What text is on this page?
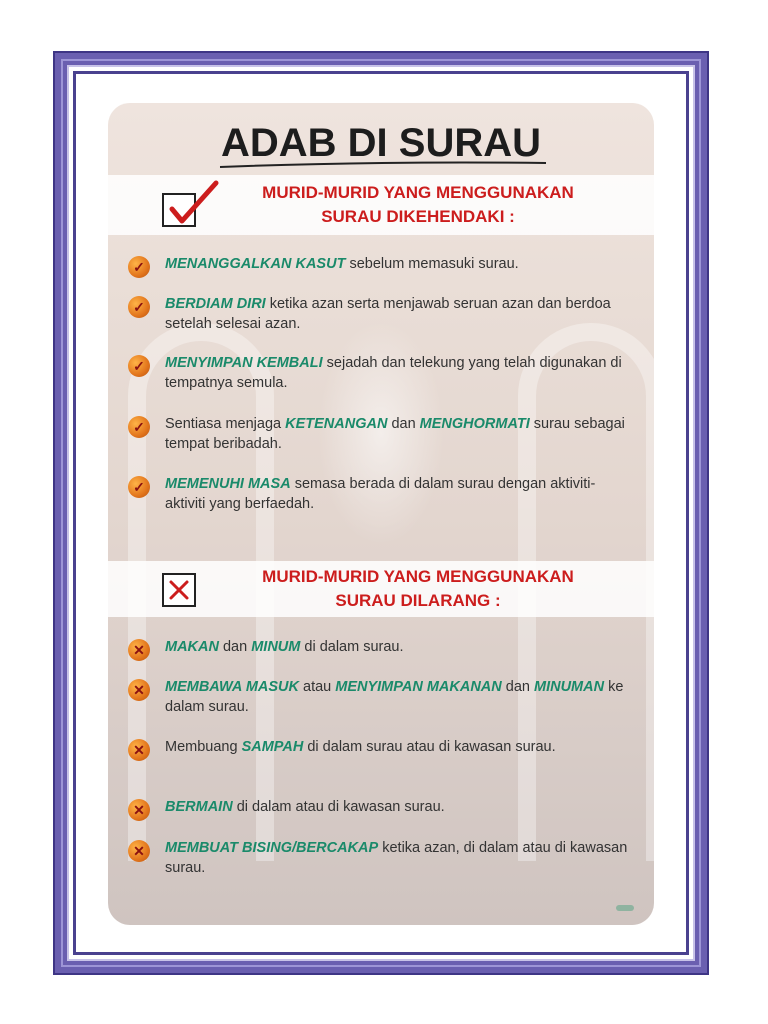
ADAB DI SURAU
MURID-MURID YANG MENGGUNAKAN
SURAU DIKEHENDAKI :
✓	MENANGGALKAN KASUT sebelum memasuki surau.
✓	BERDIAM DIRI ketika azan serta menjawab seruan azan dan berdoa setelah selesai azan.
✓	MENYIMPAN KEMBALI sejadah dan telekung yang telah digunakan di tempatnya semula.
✓	Sentiasa menjaga KETENANGAN dan MENGHORMATI surau sebagai tempat beribadah.
✓	MEMENUHI MASA semasa berada di dalam surau dengan aktiviti-aktiviti yang berfaedah.
MURID-MURID YANG MENGGUNAKAN
SURAU DILARANG :
✕	MAKAN dan MINUM di dalam surau.
✕	MEMBAWA MASUK atau MENYIMPAN MAKANAN dan MINUMAN ke dalam surau.
✕	Membuang SAMPAH di dalam surau atau di kawasan surau.
✕	BERMAIN di dalam atau di kawasan surau.
✕	MEMBUAT BISING/BERCAKAP ketika azan, di dalam atau di kawasan surau.
